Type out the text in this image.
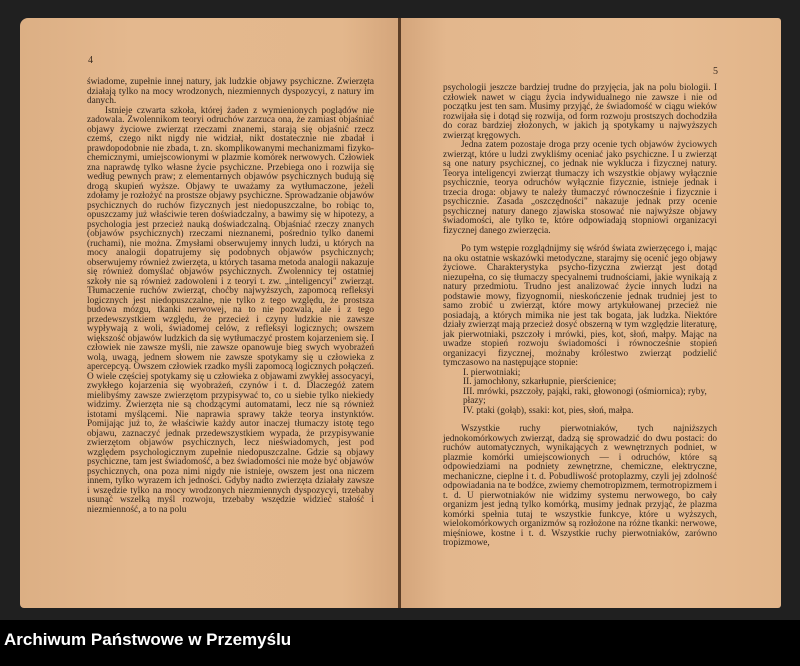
4
5

świadome, zupełnie innej natury, jak ludzkie objawy psychiczne. Zwierzęta działają tylko na mocy wrodzonych, niezmiennych dyspozycyi, z natury im danych.

Istnieje czwarta szkoła, której żaden z wymienionych poglądów nie zadowala. Zwolennikom teoryi odruchów zarzuca ona, że zamiast objaśniać objawy życiowe zwierząt rzeczami znanemi, starają się objaśnić rzecz czemś, czego nikt nigdy nie widział, nikt dostatecznie nie zbadał i prawdopodobnie nie zbada, t. zn. skomplikowanymi mechanizmami fizyko-chemicznymi, umiejscowionymi w plazmie komórek nerwowych. Człowiek zna naprawdę tylko własne życie psychiczne. Przebiega ono i rozwija się według pewnych praw; z elementarnych objawów psychicznych budują się drogą skupień wyższe. Objawy te uważamy za wytłumaczone, jeżeli zdołamy je rozłożyć na prostsze objawy psychiczne. Sprowadzanie objawów psychicznych do ruchów fizycznych jest niedopuszczalne, bo robiąc to, opuszczamy już właściwie teren doświadczalny, a bawimy się w hipotezy, a psychologia jest przecież nauką doświadczalną. Objaśniać rzeczy znanych (objawów psychicznych) rzeczami nieznanemi, pośrednio tylko danemi (ruchami), nie można. Zmysłami obserwujemy innych ludzi, u których na mocy analogii dopatrujemy się podobnych objawów psychicznych; obserwujemy również zwierzęta, u których tasama metoda analogii nakazuje się również domyślać objawów psychicznych. Zwolennicy tej ostatniej szkoły nie są również zadowoleni i z teoryi t. zw. „inteligencyi" zwierząt. Tłumaczenie ruchów zwierząt, choćby najwyższych, zapomocą refleksyi logicznych jest niedopuszczalne, nie tylko z tego względu, że prostsza budowa mózgu, tkanki nerwowej, na to nie pozwala, ale i z tego przedewszystkiem względu, że przecież i czyny ludzkie nie zawsze wypływają z woli, świadomej celów, z refleksyi logicznych; owszem większość objawów ludzkich da się wytłumaczyć prostem kojarzeniem się. I człowiek nie zawsze myśli, nie zawsze opanowuje bieg swych wyobrażeń wolą, uwagą, jednem słowem nie zawsze spotykamy się u człowieka z apercepcyą. Owszem człowiek rzadko myśli zapomocą logicznych połączeń. O wiele częściej spotykamy się u człowieka z objawami zwykłej assocyacyi, zwykłego kojarzenia się wyobrażeń, czynów i t. d. Dlaczegóż zatem mielibyśmy zawsze zwierzętom przypisywać to, co u siebie tylko niekiedy widzimy. Zwierzęta nie są chodzącymi automatami, lecz nie są również istotami myślącemi. Nie naprawia sprawy także teorya instynktów. Pomijając już to, że właściwie każdy autor inaczej tłumaczy istotę tego objawu, zaznaczyć jednak przedewszystkiem wypada, że przypisywanie zwierzętom objawów psychicznych, lecz nieświadomych, jest pod względem psychologicznym zupełnie niedopuszczalne. Gdzie są objawy psychiczne, tam jest świadomość, a bez świadomości nie może być objawów psychicznych, ona poza nimi nigdy nie istnieje, owszem jest ona niczem innem, tylko wyrazem ich jedności. Gdyby nadto zwierzęta działały zawsze i wszędzie tylko na mocy wrodzonych niezmiennych dyspozycyi, trzebaby usunąć wszelką myśl rozwoju, trzebaby wszędzie widzieć stałość i niezmienność, a to na polu

psychologii jeszcze bardziej trudne do przyjęcia, jak na polu biologii. I człowiek nawet w ciągu życia indywidualnego nie zawsze i nie od początku jest ten sam. Musimy przyjąć, że świadomość w ciągu wieków rozwijała się i dotąd się rozwija, od form rozwoju prostszych dochodziła do coraz bardziej złożonych, w jakich ją spotykamy u najwyższych zwierząt kręgowych.

Jedna zatem pozostaje droga przy ocenie tych objawów życiowych zwierząt, które u ludzi zwykliśmy oceniać jako psychiczne. I u zwierząt są one natury psychicznej, co jednak nie wyklucza i fizycznej natury. Teorya inteligencyi zwierząt tłumaczy ich wszystkie objawy wyłącznie psychicznie, teorya odruchów wyłącznie fizycznie, istnieje jednak i trzecia droga: objawy te należy tłumaczyć równocześnie i fizycznie i psychicznie. Zasada „oszczędności" nakazuje jednak przy ocenie psychicznej natury danego zjawiska stosować nie najwyższe objawy świadomości, ale tylko te, które odpowiadają stopniowi organizacyi fizycznej danego zwierzęcia.

Po tym wstępie rozglądnijmy się wśród świata zwierzęcego i, mając na oku ostatnie wskazówki metodyczne, starajmy się ocenić jego objawy życiowe. Charakterystyka psycho-fizyczna zwierząt jest dotąd niezupełna, co się tłumaczy specyalnemi trudnościami, jakie wynikają z natury przedmiotu. Trudno jest analizować życie innych ludzi na podstawie mowy, fizyognomii, nieskończenie jednak trudniej jest to samo zrobić u zwierząt, które mowy artykułowanej przecież nie posiadają, a których mimika nie jest tak bogata, jak ludzka. Niektóre działy zwierząt mają przecież dosyć obszerną w tym względzie literaturę, jak pierwotniaki, pszczoły i mrówki, pies, kot, słoń, małpy. Mając na uwadze stopień rozwoju świadomości i równocześnie stopień organizacyi fizycznej, możnaby królestwo zwierząt podzielić tymczasowo na następujące stopnie:

I. pierwotniaki;
II. jamochłony, szkarłupnie, pierścienice;
III. mrówki, pszczoły, pająki, raki, głowonogi (ośmiornica); ryby, płazy;
IV. ptaki (gołąb), ssaki: kot, pies, słoń, małpa.

Wszystkie ruchy pierwotniaków, tych najniższych jednokomórkowych zwierząt, dadzą się sprowadzić do dwu postaci: do ruchów automatycznych, wynikających z wewnętrznych podniet, w plazmie komórki umiejscowionych — i odruchów, które są odpowiedziami na podniety zewnętrzne, chemiczne, elektryczne, mechaniczne, cieplne i t. d. Pobudliwość protoplazmy, czyli jej zdolność odpowiadania na te bodźce, zwiemy chemotropizmem, termotropizmem i t. d. U pierwotniaków nie widzimy systemu nerwowego, bo cały organizm jest jedną tylko komórką, musimy jednak przyjąć, że plazma komórki spełnia tutaj te wszystkie funkcye, które u wyższych, wielokomórkowych organizmów są rozłożone na różne tkanki: nerwowe, mięśniowe, kostne i t. d. Wszystkie ruchy pierwotniaków, zarówno tropizmowe,

Archiwum Państwowe w Przemyślu
